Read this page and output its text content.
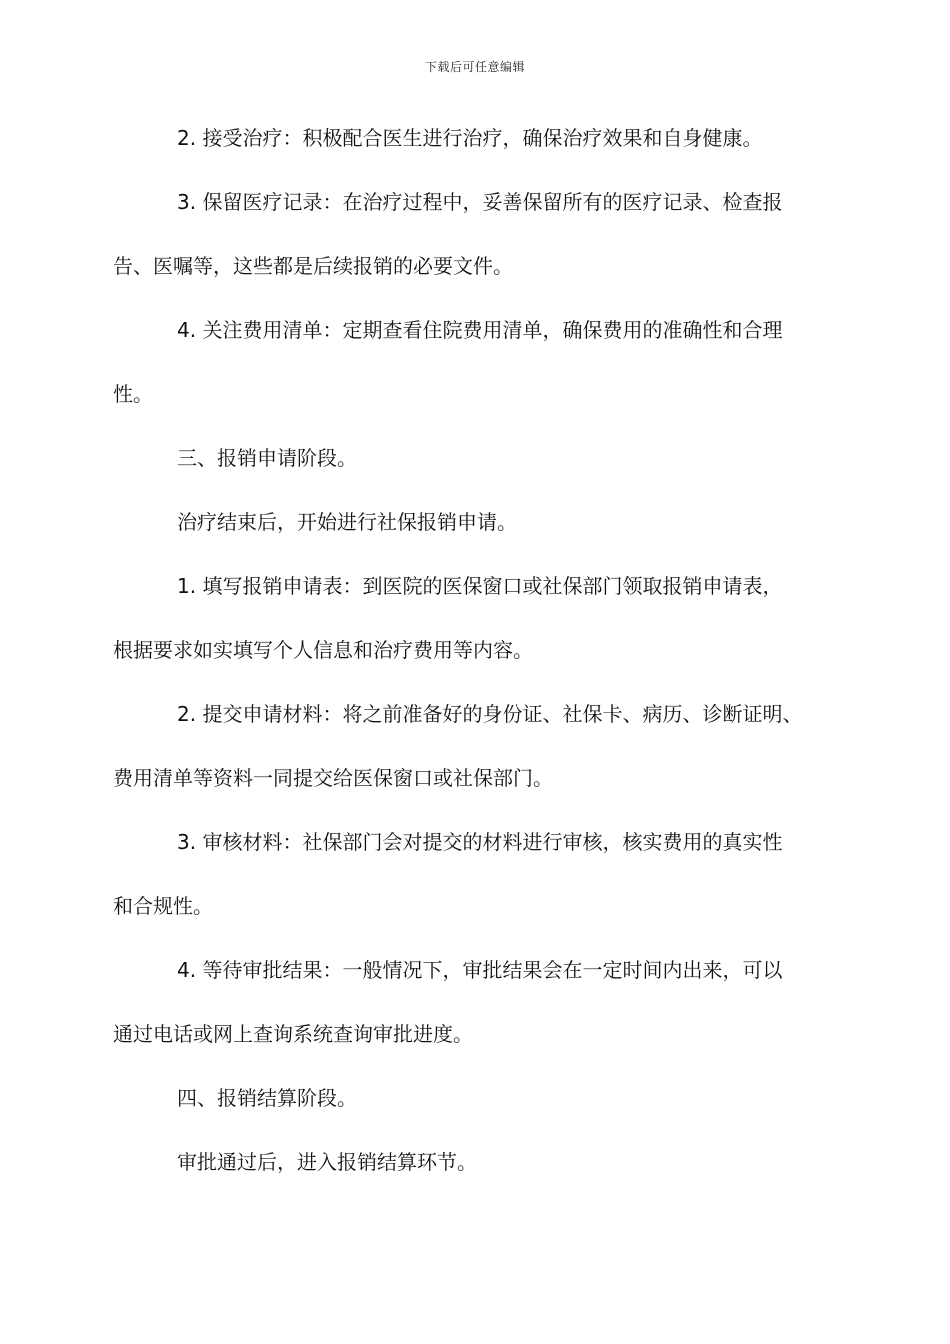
下载后可任意编辑

2. 接受治疗：积极配合医生进行治疗，确保治疗效果和自身健康。

3. 保留医疗记录：在治疗过程中，妥善保留所有的医疗记录、检查报
告、医嘱等，这些都是后续报销的必要文件。

4. 关注费用清单：定期查看住院费用清单，确保费用的准确性和合理
性。

三、报销申请阶段。

治疗结束后，开始进行社保报销申请。

1. 填写报销申请表：到医院的医保窗口或社保部门领取报销申请表，
根据要求如实填写个人信息和治疗费用等内容。

2. 提交申请材料：将之前准备好的身份证、社保卡、病历、诊断证明、
费用清单等资料一同提交给医保窗口或社保部门。

3. 审核材料：社保部门会对提交的材料进行审核，核实费用的真实性
和合规性。

4. 等待审批结果：一般情况下，审批结果会在一定时间内出来，可以
通过电话或网上查询系统查询审批进度。

四、报销结算阶段。

审批通过后，进入报销结算环节。
